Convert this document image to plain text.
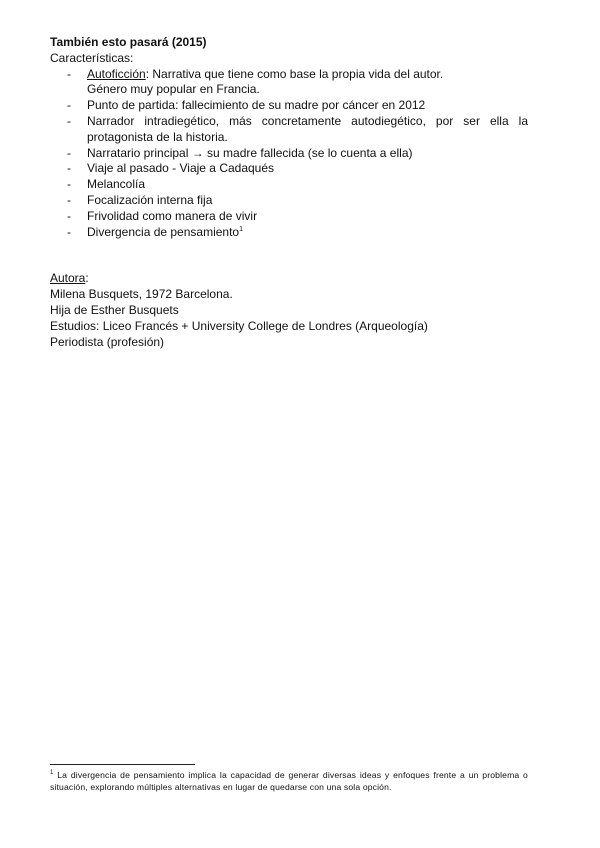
También esto pasará (2015)

Características:

- Autoficción: Narrativa que tiene como base la propia vida del autor.
Género muy popular en Francia.
- Punto de partida: fallecimiento de su madre por cáncer en 2012
- Narrador intradiegético, más concretamente autodiegético, por ser ella la protagonista de la historia.
- Narratario principal → su madre fallecida (se lo cuenta a ella)
- Viaje al pasado - Viaje a Cadaqués
- Melancolía
- Focalización interna fija
- Frivolidad como manera de vivir
- Divergencia de pensamiento$^1$

Autora:

Milena Busquets, 1972 Barcelona.

Hija de Esther Busquets

Estudios: Liceo Francés + University College de Londres (Arqueología)

Periodista (profesión)

$^1$ La divergencia de pensamiento implica la capacidad de generar diversas ideas y enfoques frente a un problema o situación, explorando múltiples alternativas en lugar de quedarse con una sola opción.
